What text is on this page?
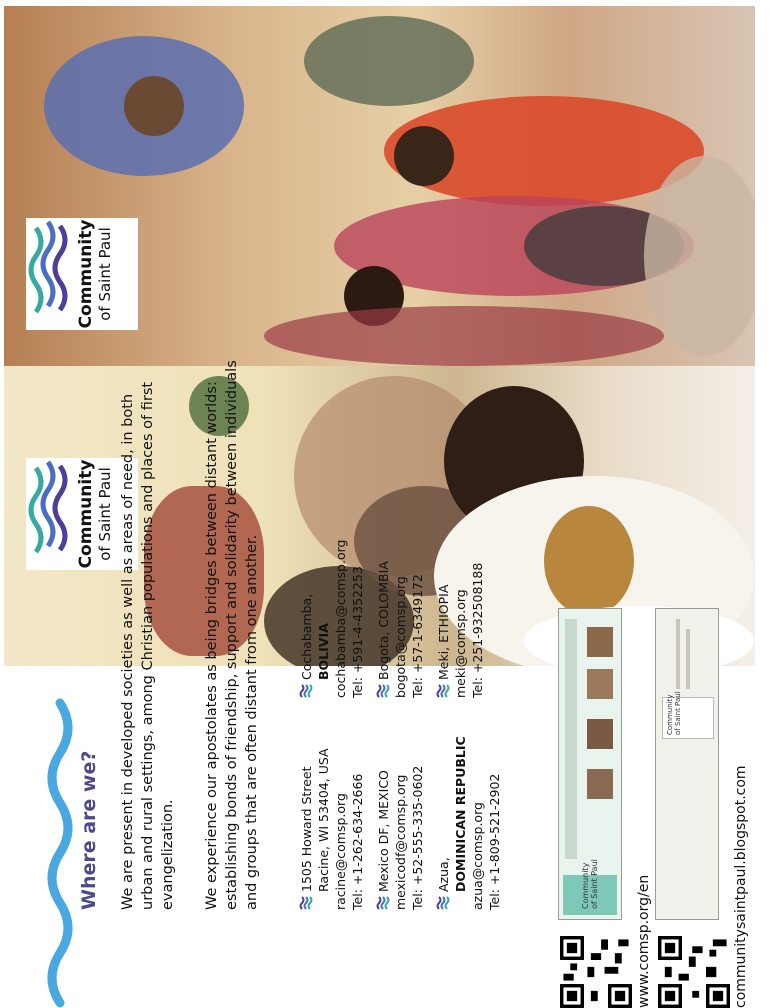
Community of Saint Paul
Community of Saint Paul
Where are we? We are present in developed societies as well as areas of need, in both urban and rural settings, among Christian populations and places of first evangelization. We experience our apostolates as being bridges between distant worlds: establishing bonds of friendship, support and solidarity between individuals and groups that are often distant from one another.	1505 Howard Street Racine, WI 53404, USA racine@comsp.org Tel: +1-262-634-2666 Mexico DF, MEXICO mexicodf@comsp.org Tel: +52-555-335-0602 Azua, DOMINICAN REPUBLIC azua@comsp.org Tel: +1-809-521-2902
Cochabamba, BOLIVIA cochabamba@comsp.org Tel: +591-4-4352253 Bogota, COLOMBIA bogota@comsp.org Tel: +57-1-6349172 Meki, ETHIOPIA meki@comsp.org Tel: +251-932508188
Community of Saint Paul
Community of Saint Paul
www.comsp.org/en	communitysaintpaul.blogspot.com
